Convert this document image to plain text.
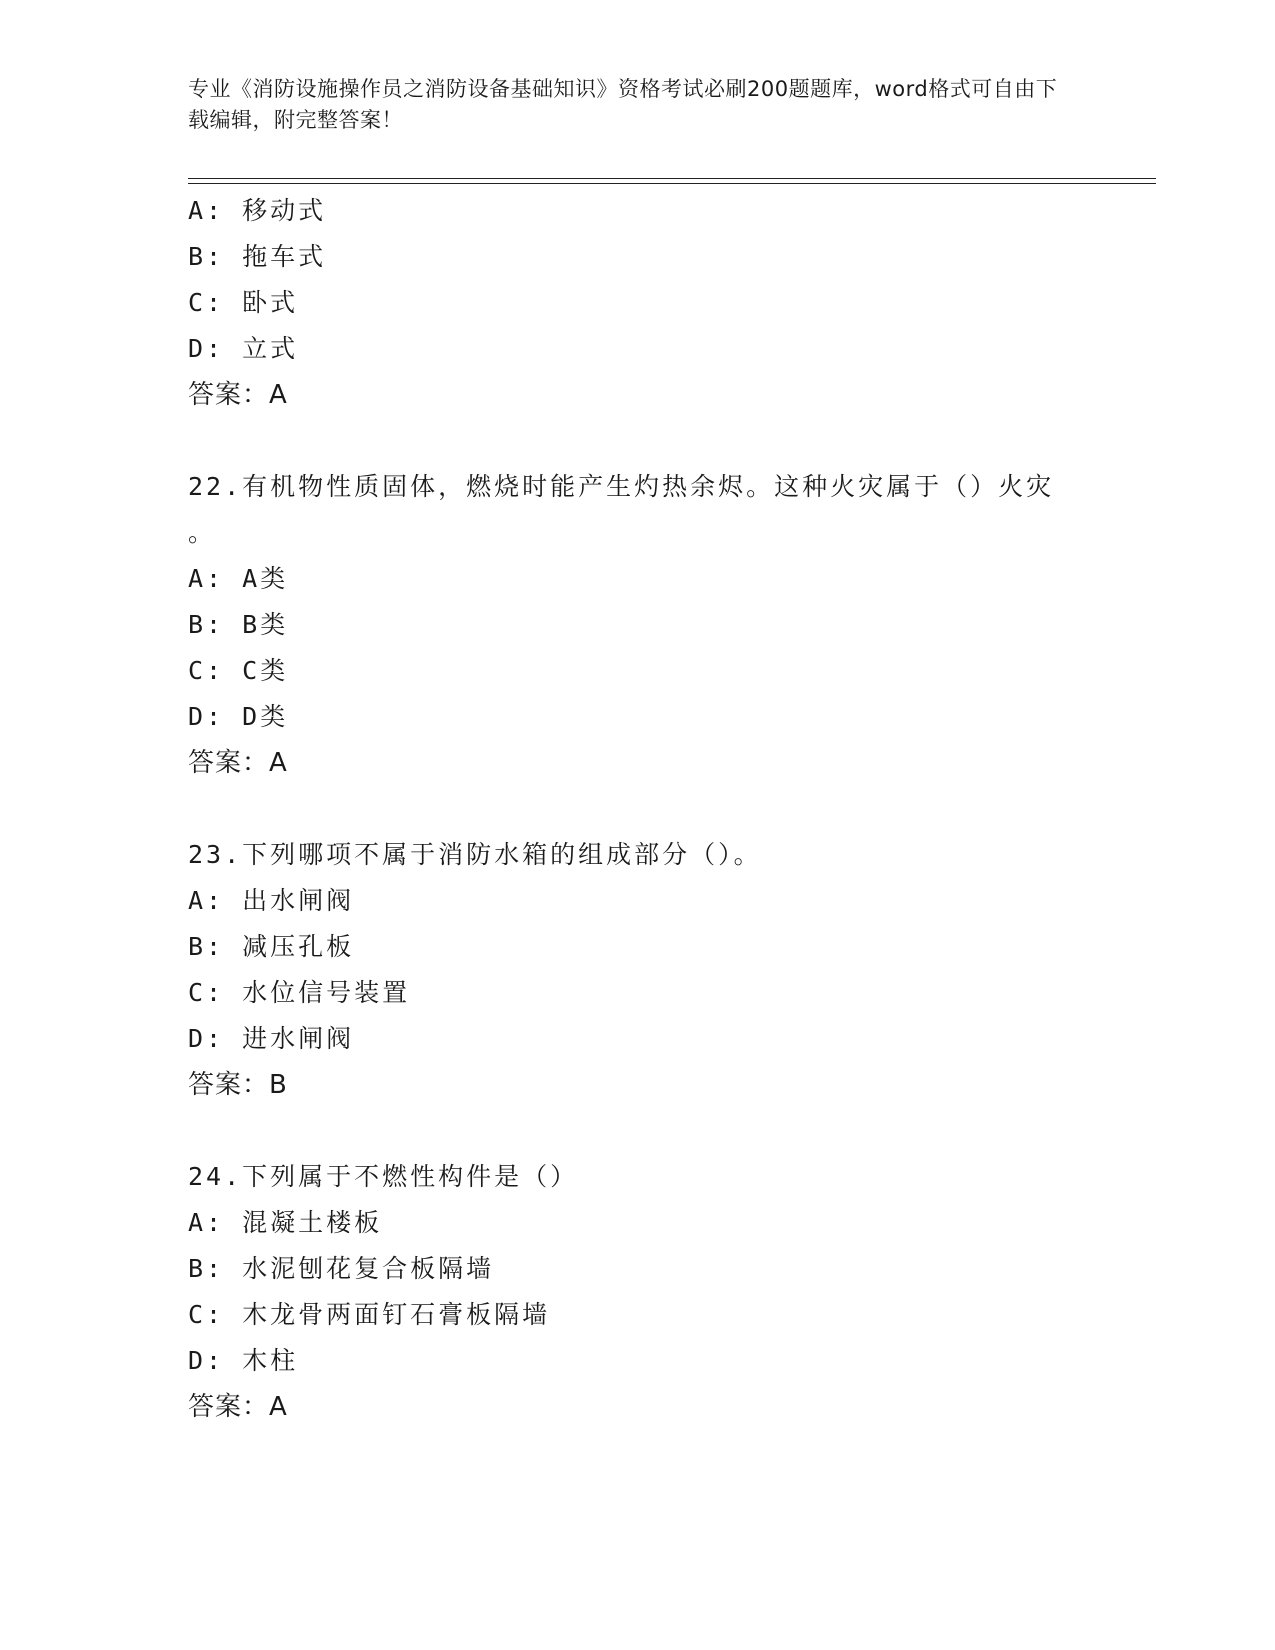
专业《消防设施操作员之消防设备基础知识》资格考试必刷200题题库，word格式可自由下载编辑，附完整答案！
A: 移动式
B: 拖车式
C: 卧式
D: 立式
答案：A
22.有机物性质固体，燃烧时能产生灼热余烬。这种火灾属于（）火灾
。
A: A类
B: B类
C: C类
D: D类
答案：A
23.下列哪项不属于消防水箱的组成部分（）。
A: 出水闸阀
B: 减压孔板
C: 水位信号装置
D: 进水闸阀
答案：B
24.下列属于不燃性构件是（）
A: 混凝土楼板
B: 水泥刨花复合板隔墙
C: 木龙骨两面钉石膏板隔墙
D: 木柱
答案：A
